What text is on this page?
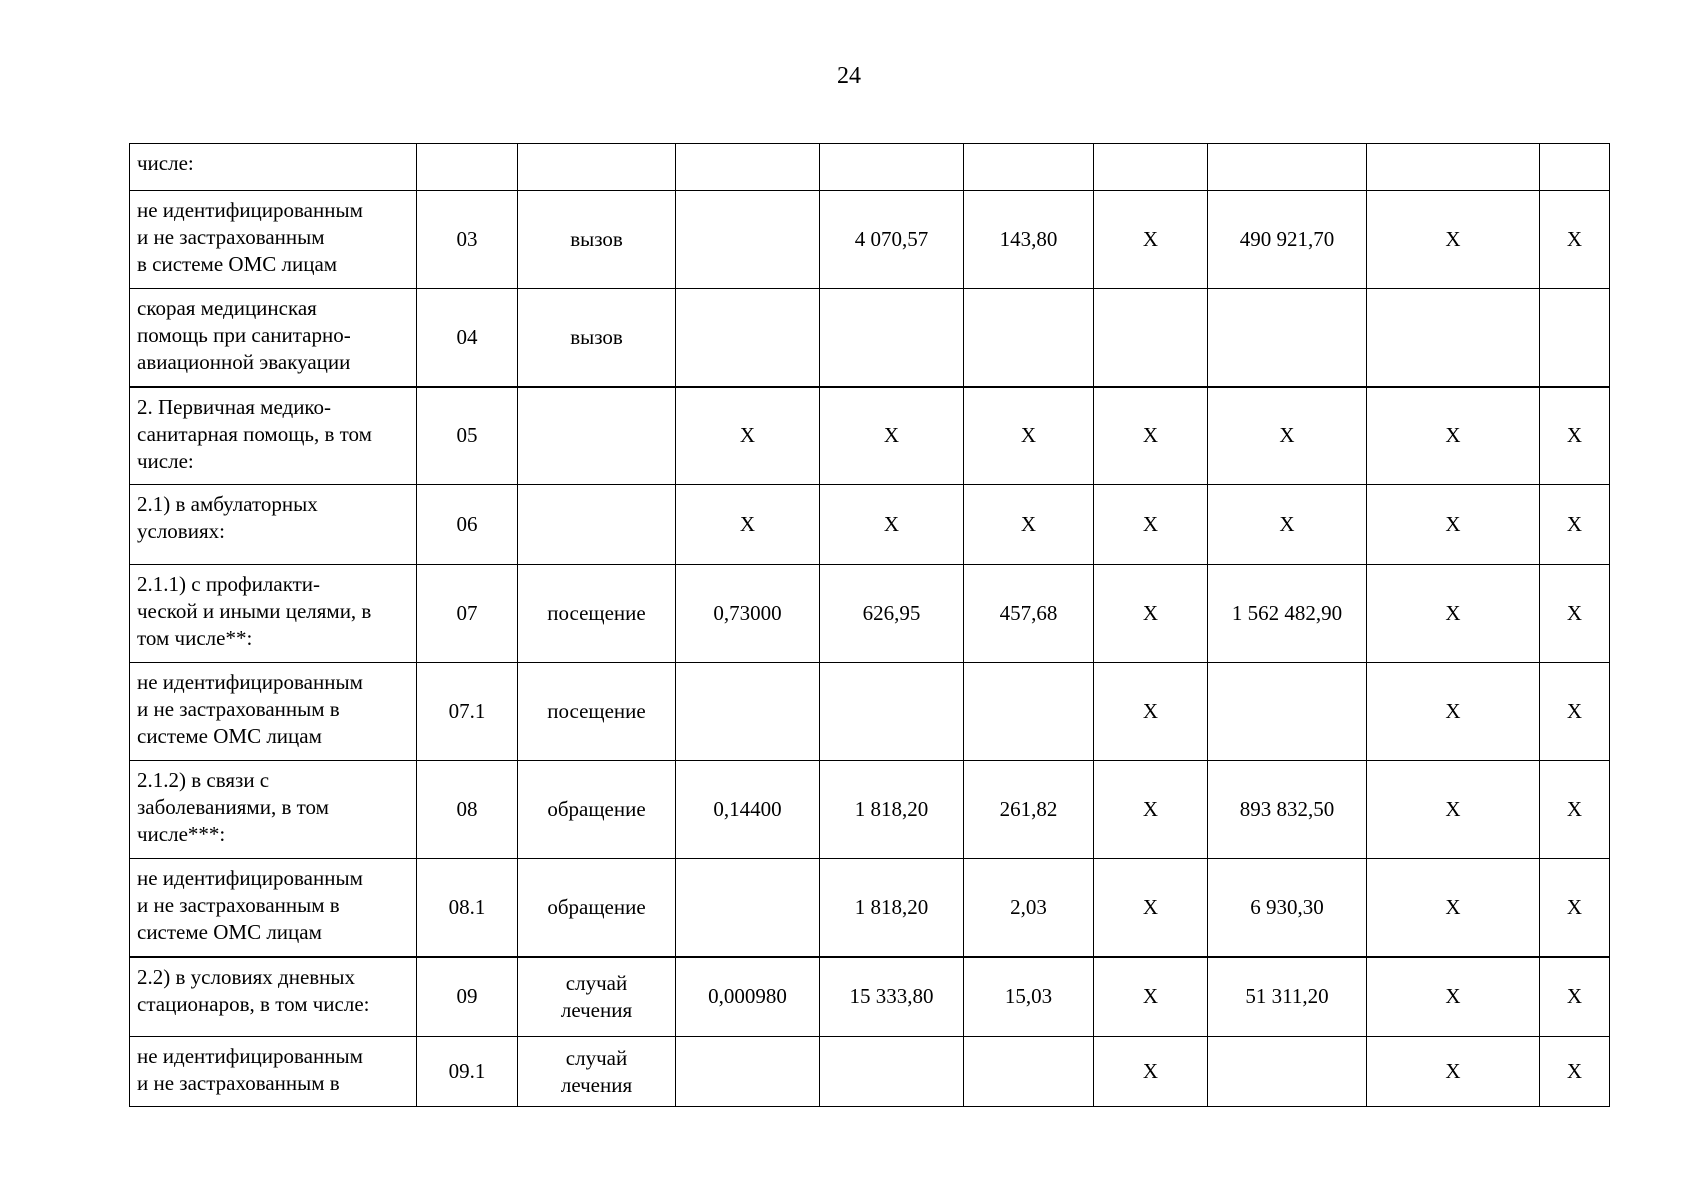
24
числе:									

не идентифицированным
и не застрахованным
в системе ОМС лицам	03	вызов		4 070,57	143,80	X	490 921,70	X	X

скорая медицинская
помощь при санитарно-
авиационной эвакуации	04	вызов							

2. Первичная медико-
санитарная помощь, в том
числе:	05		X	X	X	X	X	X	X

2.1) в амбулаторных
условиях:	06		X	X	X	X	X	X	X

2.1.1) с профилакти-
ческой и иными целями, в
том числе**:	07	посещение	0,73000	626,95	457,68	X	1 562 482,90	X	X

не идентифицированным
и не застрахованным в
системе ОМС лицам	07.1	посещение				X		X	X

2.1.2) в связи с
заболеваниями, в том
числе***:	08	обращение	0,14400	1 818,20	261,82	X	893 832,50	X	X

не идентифицированным
и не застрахованным в
системе ОМС лицам	08.1	обращение		1 818,20	2,03	X	6 930,30	X	X

2.2) в условиях дневных
стационаров, в том числе:	09	случай
лечения	0,000980	15 333,80	15,03	X	51 311,20	X	X

не идентифицированным
и не застрахованным в	09.1	случай
лечения				X		X	X
